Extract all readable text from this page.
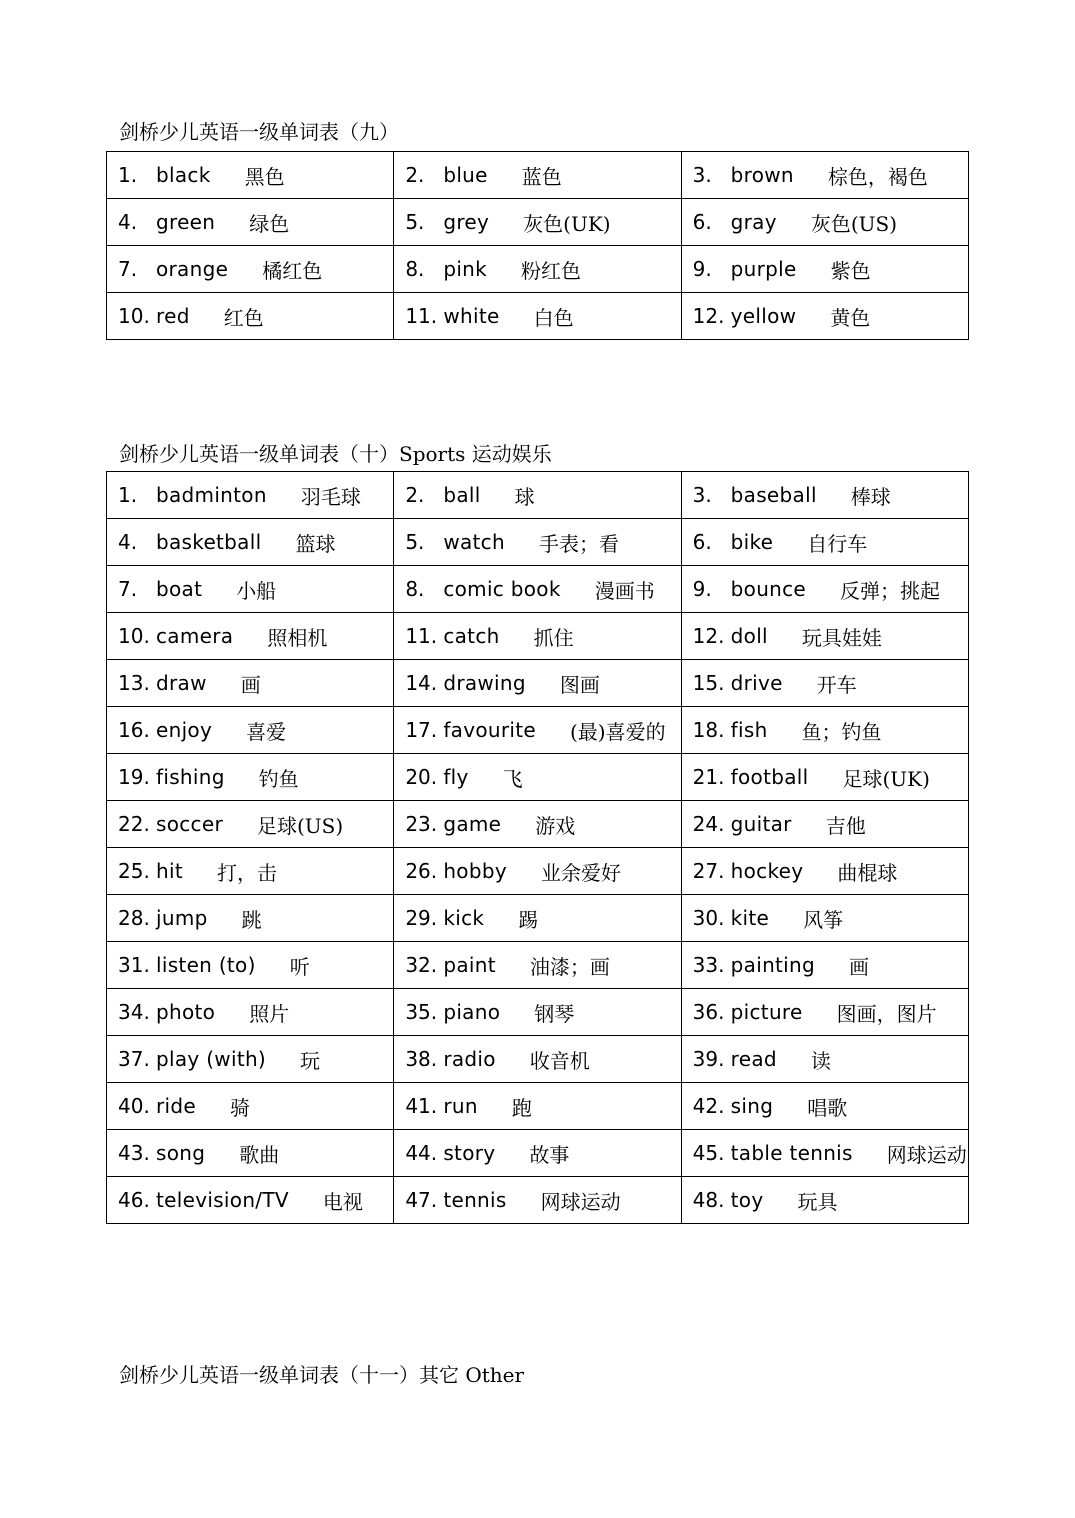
剑桥少儿英语一级单词表（九）
1. black 黑色	2. blue 蓝色	3. brown 棕色，褐色

4. green 绿色	5. grey 灰色(UK)	6. gray 灰色(US)

7. orange 橘红色	8. pink 粉红色	9. purple 紫色

10. red 红色	11. white 白色	12. yellow 黄色
剑桥少儿英语一级单词表（十）Sports 运动娱乐
1. badminton 羽毛球	2. ball 球	3. baseball 棒球

4. basketball 篮球	5. watch 手表；看	6. bike 自行车

7. boat 小船	8. comic book 漫画书	9. bounce 反弹；挑起

10. camera 照相机	11. catch 抓住	12. doll 玩具娃娃

13. draw 画	14. drawing 图画	15. drive 开车

16. enjoy 喜爱	17. favourite (最)喜爱的	18. fish 鱼；钓鱼

19. fishing 钓鱼	20. fly 飞	21. football 足球(UK)

22. soccer 足球(US)	23. game 游戏	24. guitar 吉他

25. hit 打，击	26. hobby 业余爱好	27. hockey 曲棍球

28. jump 跳	29. kick 踢	30. kite 风筝

31. listen (to) 听	32. paint 油漆；画	33. painting 画

34. photo 照片	35. piano 钢琴	36. picture 图画，图片

37. play (with) 玩	38. radio 收音机	39. read 读

40. ride 骑	41. run 跑	42. sing 唱歌

43. song 歌曲	44. story 故事	45. table tennis 网球运动

46. television/TV 电视	47. tennis 网球运动	48. toy 玩具
剑桥少儿英语一级单词表（十一）其它 Other
